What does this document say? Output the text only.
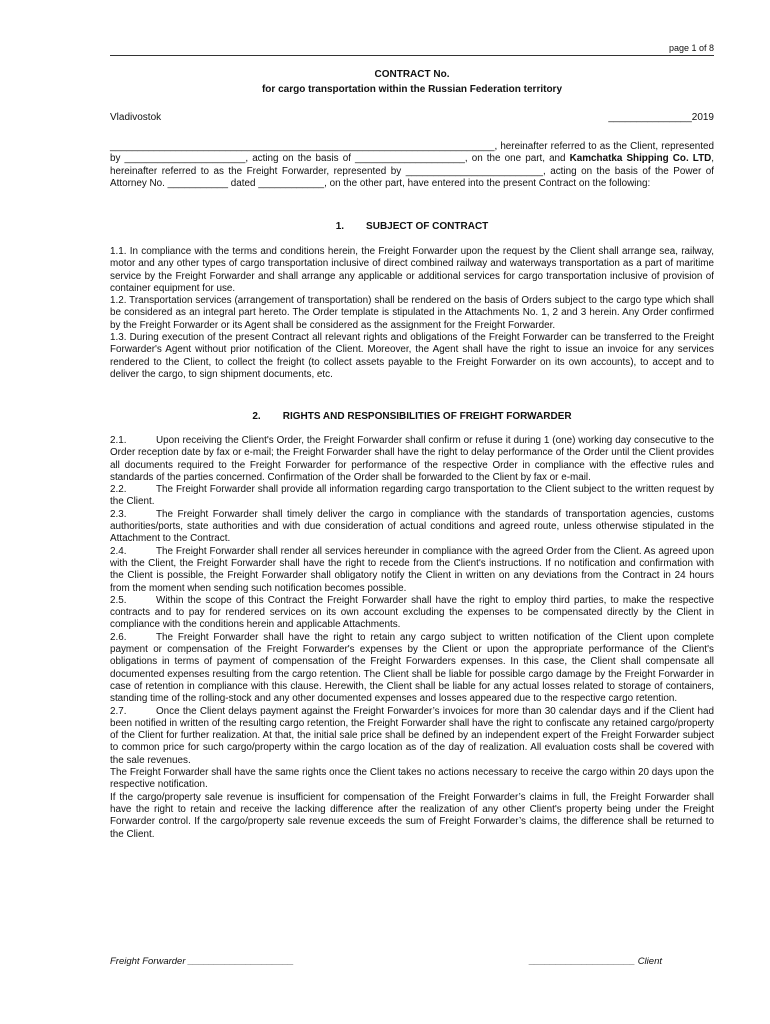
page 1 of 8
CONTRACT No.
for cargo transportation within the Russian Federation territory
Vladivostok	_______________2019

______________________________________________________________________, hereinafter referred to as the Client, represented by ______________________, acting on the basis of ____________________, on the one part, and Kamchatka Shipping Co. LTD, hereinafter referred to as the Freight Forwarder, represented by _________________________, acting on the basis of the Power of Attorney No. ___________ dated ____________, on the other part, have entered into the present Contract on the following:

1. SUBJECT OF CONTRACT

1.1. In compliance with the terms and conditions herein, the Freight Forwarder upon the request by the Client shall arrange sea, railway, motor and any other types of cargo transportation inclusive of direct combined railway and waterways transportation as a part of maritime service by the Freight Forwarder and shall arrange any applicable or additional services for cargo transportation inclusive of provision of container equipment for use.

1.2. Transportation services (arrangement of transportation) shall be rendered on the basis of Orders subject to the cargo type which shall be considered as an integral part hereto. The Order template is stipulated in the Attachments No. 1, 2 and 3 herein. Any Order confirmed by the Freight Forwarder or its Agent shall be considered as the assignment for the Freight Forwarder.

1.3. During execution of the present Contract all relevant rights and obligations of the Freight Forwarder can be transferred to the Freight Forwarder's Agent without prior notification of the Client. Moreover, the Agent shall have the right to issue an invoice for any services rendered to the Client, to collect the freight (to collect assets payable to the Freight Forwarder on its own accounts), to accept and to deliver the cargo, to sign shipment documents, etc.

2. RIGHTS AND RESPONSIBILITIES OF FREIGHT FORWARDER

2.1.	Upon receiving the Client's Order, the Freight Forwarder shall confirm or refuse it during 1 (one) working day consecutive to the Order reception date by fax or e-mail; the Freight Forwarder shall have the right to delay performance of the Order until the Client provides all documents required to the Freight Forwarder for performance of the respective Order in compliance with the effective rules and standards of the parties concerned. Confirmation of the Order shall be forwarded to the Client by fax or e-mail.

2.2.	The Freight Forwarder shall provide all information regarding cargo transportation to the Client subject to the written request by the Client.

2.3.	The Freight Forwarder shall timely deliver the cargo in compliance with the standards of transportation agencies, customs authorities/ports, state authorities and with due consideration of actual conditions and agreed route, unless otherwise stipulated in the Attachment to the Contract.

2.4.	The Freight Forwarder shall render all services hereunder in compliance with the agreed Order from the Client. As agreed upon with the Client, the Freight Forwarder shall have the right to recede from the Client's instructions. If no notification and confirmation with the Client is possible, the Freight Forwarder shall obligatory notify the Client in written on any deviations from the Contract in 24 hours from the moment when sending such notification becomes possible.

2.5.	Within the scope of this Contract the Freight Forwarder shall have the right to employ third parties, to make the respective contracts and to pay for rendered services on its own account excluding the expenses to be compensated directly by the Client in compliance with the conditions herein and applicable Attachments.

2.6.	The Freight Forwarder shall have the right to retain any cargo subject to written notification of the Client upon complete payment or compensation of the Freight Forwarder's expenses by the Client or upon the appropriate performance of the Client's obligations in terms of payment of compensation of the Freight Forwarders expenses. In this case, the Client shall compensate all documented expenses resulting from the cargo retention. The Client shall be liable for possible cargo damage by the Freight Forwarder in case of retention in compliance with this clause. Herewith, the Client shall be liable for any actual losses related to storage of containers, standing time of the rolling-stock and any other documented expenses and losses appeared due to the respective cargo retention.

2.7.	Once the Client delays payment against the Freight Forwarder’s invoices for more than 30 calendar days and if the Client had been notified in written of the resulting cargo retention, the Freight Forwarder shall have the right to confiscate any retained cargo/property of the Client for further realization. At that, the initial sale price shall be defined by an independent expert of the Freight Forwarder subject to common price for such cargo/property within the cargo location as of the day of realization. All evaluation costs shall be covered with the sale revenues.

The Freight Forwarder shall have the same rights once the Client takes no actions necessary to receive the cargo within 20 days upon the respective notification.

If the cargo/property sale revenue is insufficient for compensation of the Freight Forwarder’s claims in full, the Freight Forwarder shall have the right to retain and receive the lacking difference after the realization of any other Client's property being under the Freight Forwarder control. If the cargo/property sale revenue exceeds the sum of Freight Forwarder’s claims, the difference shall be returned to the Client.

Freight Forwarder ____________________	____________________ Client
